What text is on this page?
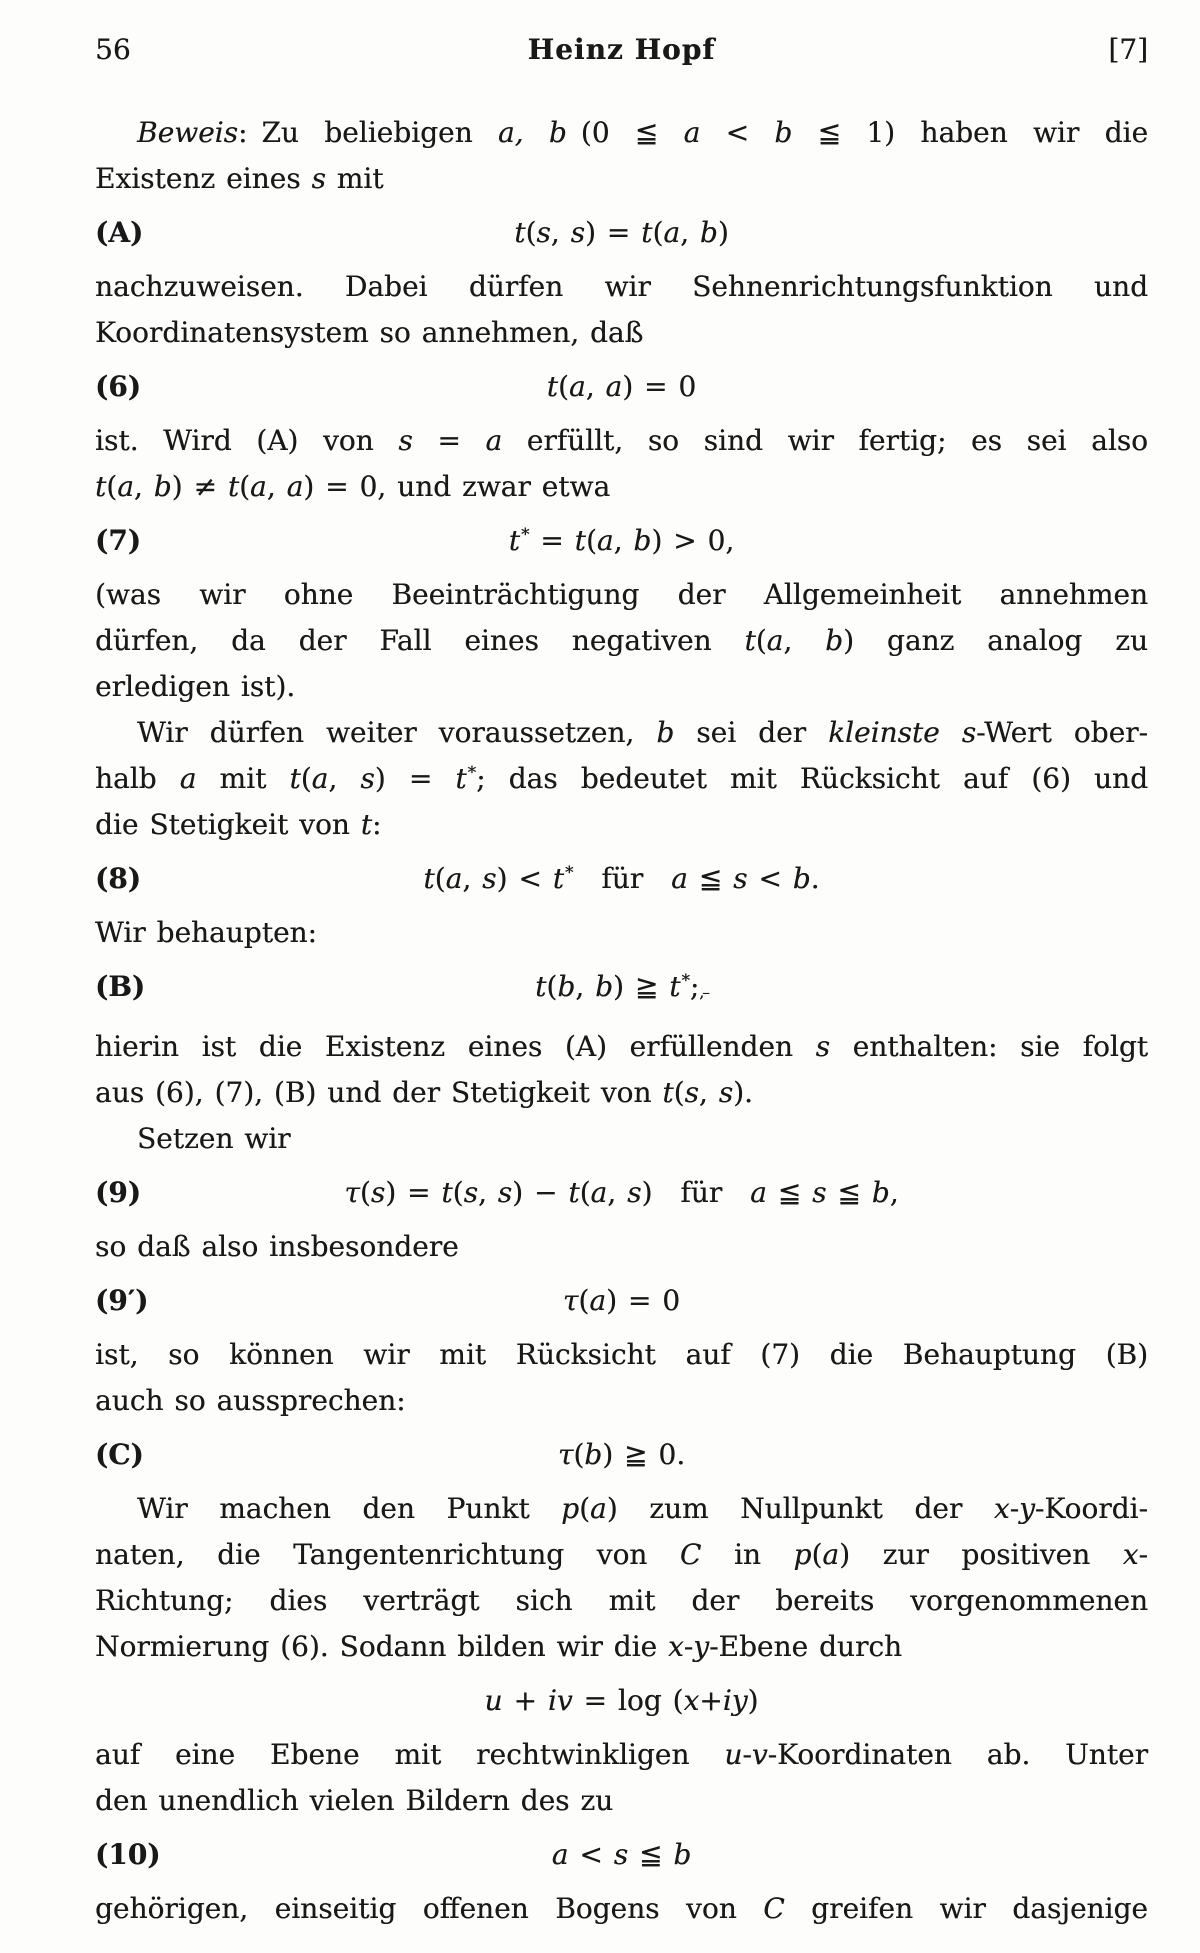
56	Heinz Hopf	[7]
Beweis: Zu beliebigen a, b (0 ≦ a < b ≦ 1) haben wir die
Existenz eines s mit
(A)	t(s, s) = t(a, b)
nachzuweisen. Dabei dürfen wir Sehnenrichtungsfunktion und
Koordinatensystem so annehmen, daß
(6)	t(a, a) = 0
ist. Wird (A) von s = a erfüllt, so sind wir fertig; es sei also
t(a, b) ≠ t(a, a) = 0, und zwar etwa
(7)	t* = t(a, b) > 0,
(was wir ohne Beeinträchtigung der Allgemeinheit annehmen
dürfen, da der Fall eines negativen t(a, b) ganz analog zu
erledigen ist).
Wir dürfen weiter voraussetzen, b sei der kleinste s-Wert ober-
halb a mit t(a, s) = t*; das bedeutet mit Rücksicht auf (6) und
die Stetigkeit von t:
(8)	t(a, s) < t* für a ≦ s < b.
Wir behaupten:
(B)	t(b, b) ≧ t*;,–
hierin ist die Existenz eines (A) erfüllenden s enthalten: sie folgt
aus (6), (7), (B) und der Stetigkeit von t(s, s).
Setzen wir
(9)	τ(s) = t(s, s) − t(a, s) für a ≦ s ≦ b,
so daß also insbesondere
(9′)	τ(a) = 0
ist, so können wir mit Rücksicht auf (7) die Behauptung (B)
auch so aussprechen:
(C)	τ(b) ≧ 0.
Wir machen den Punkt p(a) zum Nullpunkt der x-y-Koordi-
naten, die Tangentenrichtung von C in p(a) zur positiven x-
Richtung; dies verträgt sich mit der bereits vorgenommenen
Normierung (6). Sodann bilden wir die x-y-Ebene durch
u + iv = log (x+iy)
auf eine Ebene mit rechtwinkligen u-v-Koordinaten ab. Unter
den unendlich vielen Bildern des zu
(10)	a < s ≦ b
gehörigen, einseitig offenen Bogens von C greifen wir dasjenige
